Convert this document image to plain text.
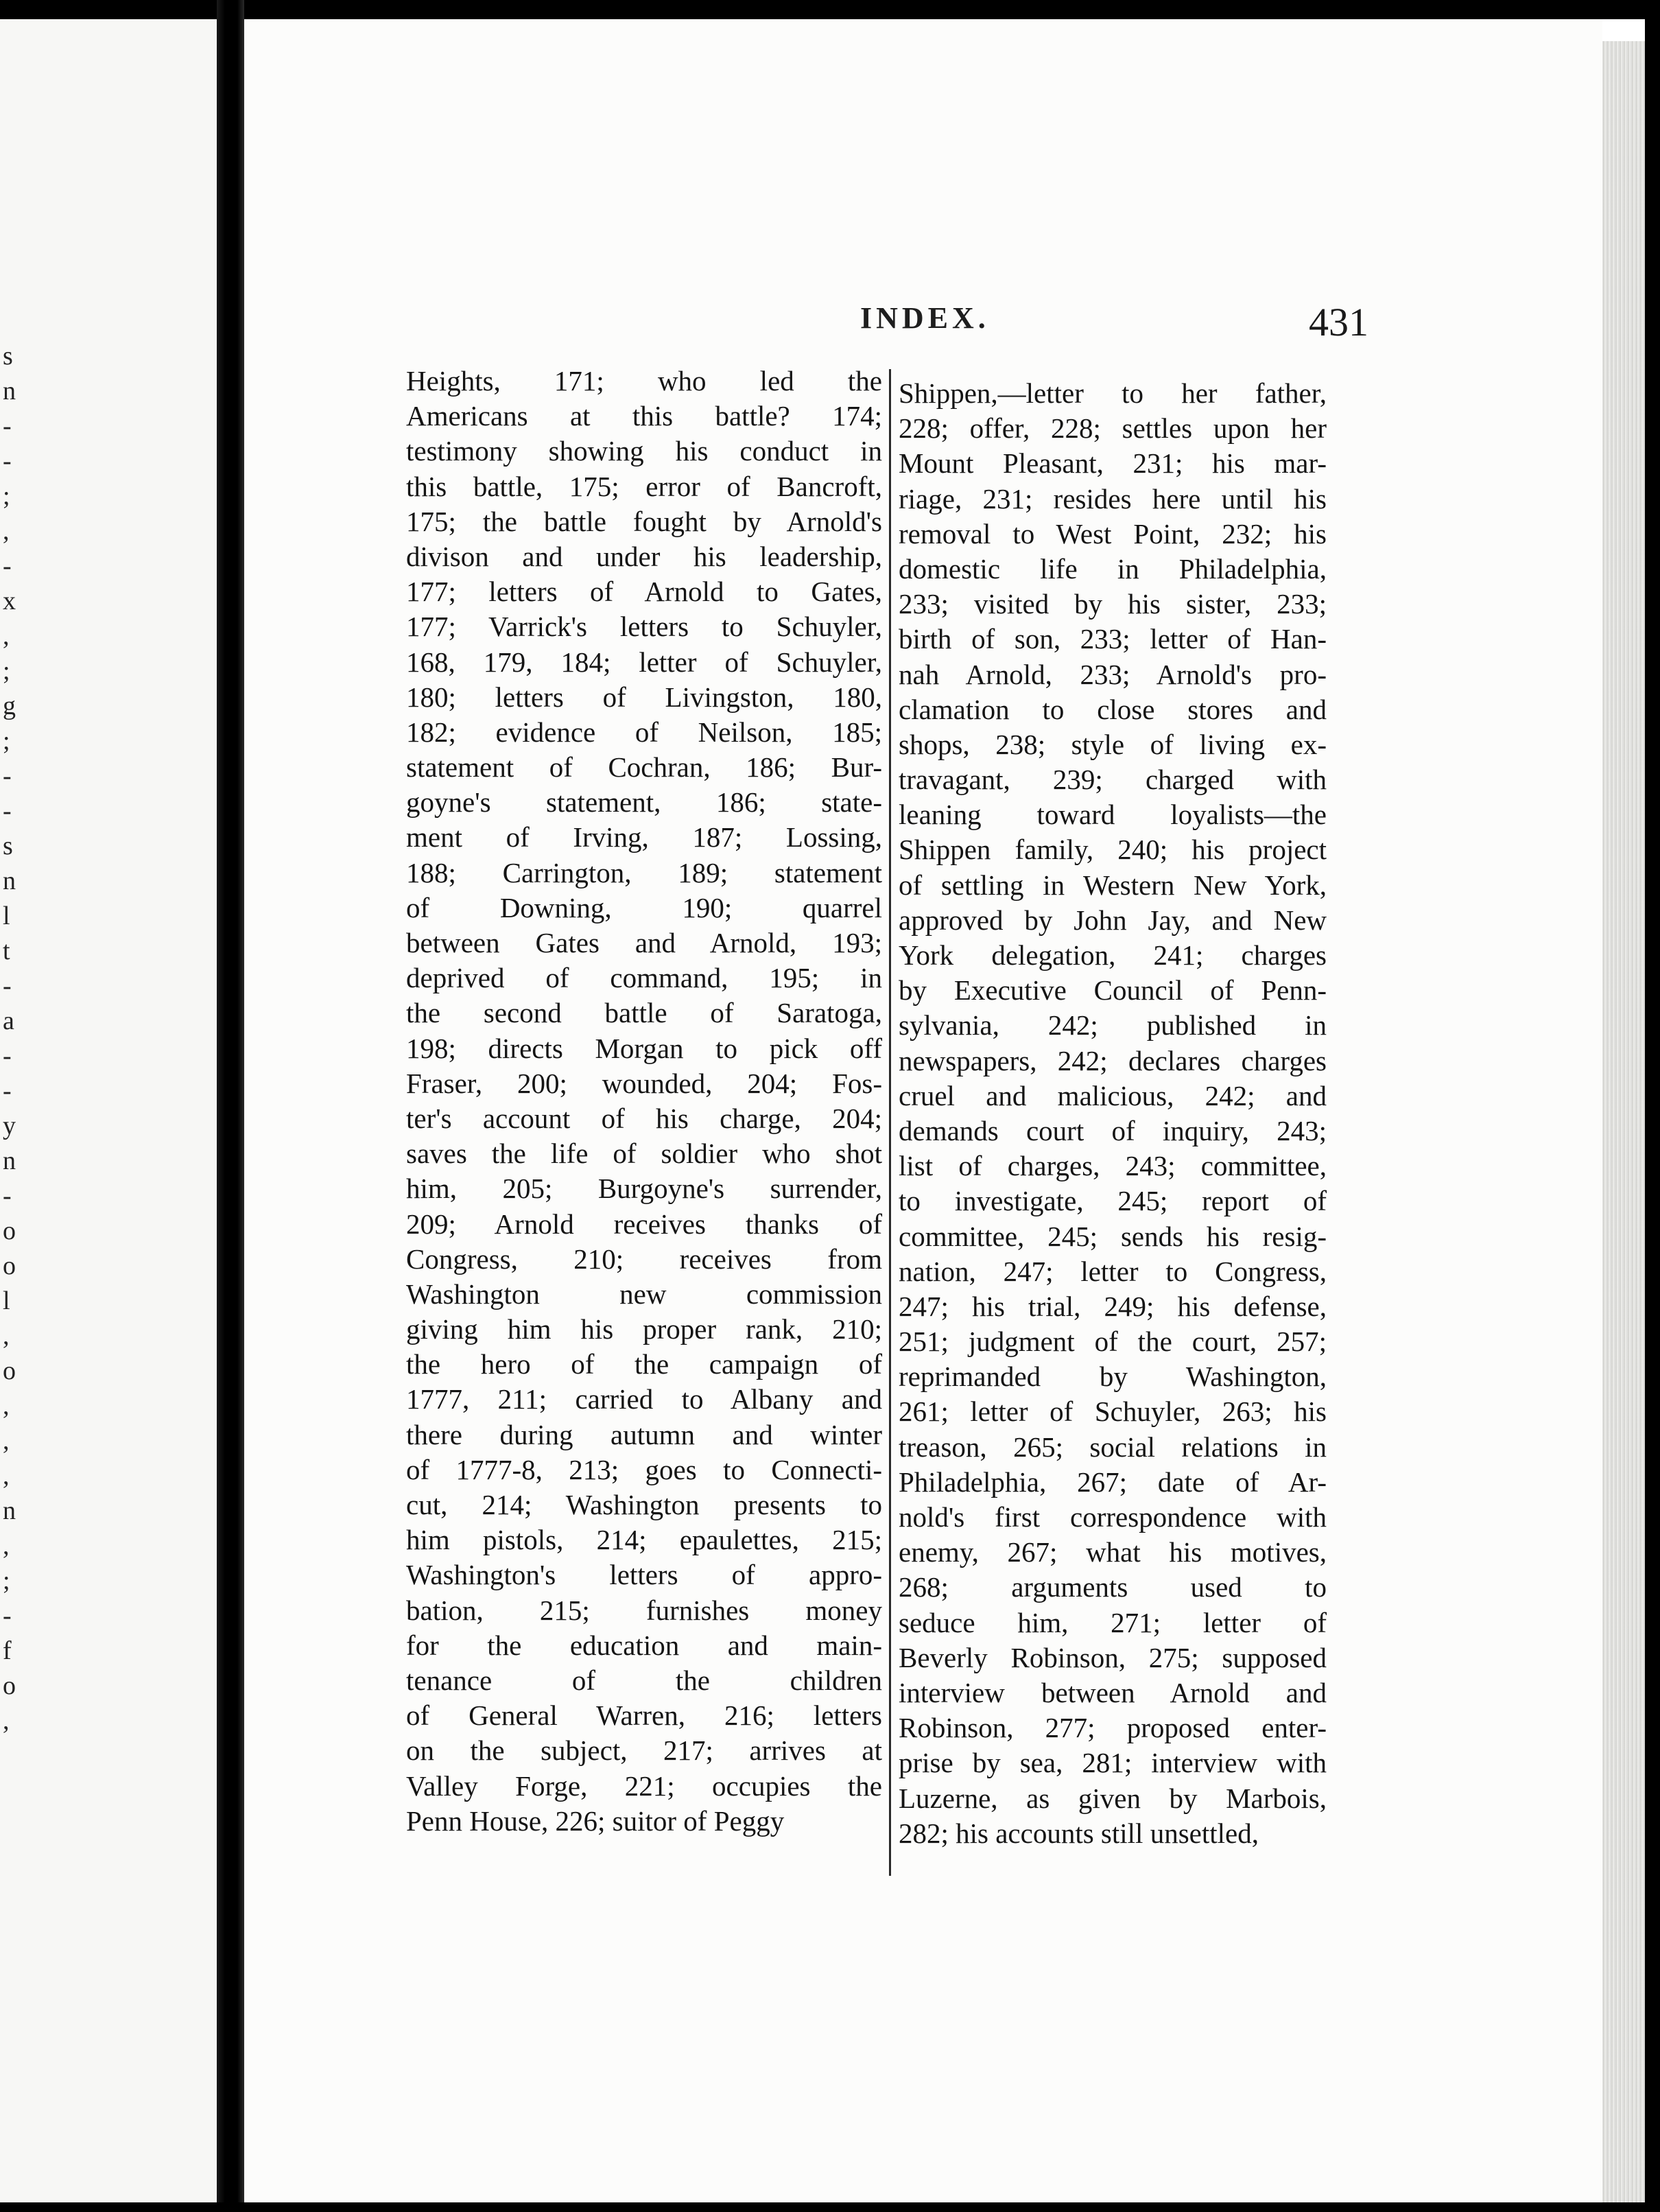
s
n
-
-
;
,
-
x
,
;
g
;
-
-
s
n
l
t
-
a
-
-
y
n
-
o
o
l
,
o
,
,
,
n
,
;
-
f
o
,
INDEX.	431
Heights, 171; who led the
Americans at this battle? 174;
testimony showing his conduct in
this battle, 175; error of Bancroft,
175; the battle fought by Arnold's
divison and under his leadership,
177; letters of Arnold to Gates,
177; Varrick's letters to Schuyler,
168, 179, 184; letter of Schuyler,
180; letters of Livingston, 180,
182; evidence of Neilson, 185;
statement of Cochran, 186; Bur-
goyne's statement, 186; state-
ment of Irving, 187; Lossing,
188; Carrington, 189; statement
of Downing, 190; quarrel
between Gates and Arnold, 193;
deprived of command, 195; in
the second battle of Saratoga,
198; directs Morgan to pick off
Fraser, 200; wounded, 204; Fos-
ter's account of his charge, 204;
saves the life of soldier who shot
him, 205; Burgoyne's surrender,
209; Arnold receives thanks of
Congress, 210; receives from
Washington new commission
giving him his proper rank, 210;
the hero of the campaign of
1777, 211; carried to Albany and
there during autumn and winter
of 1777-8, 213; goes to Connecti-
cut, 214; Washington presents to
him pistols, 214; epaulettes, 215;
Washington's letters of appro-
bation, 215; furnishes money
for the education and main-
tenance of the children
of General Warren, 216; letters
on the subject, 217; arrives at
Valley Forge, 221; occupies the
Penn House, 226; suitor of Peggy
Shippen,—letter to her father,
228; offer, 228; settles upon her
Mount Pleasant, 231; his mar-
riage, 231; resides here until his
removal to West Point, 232; his
domestic life in Philadelphia,
233; visited by his sister, 233;
birth of son, 233; letter of Han-
nah Arnold, 233; Arnold's pro-
clamation to close stores and
shops, 238; style of living ex-
travagant, 239; charged with
leaning toward loyalists—the
Shippen family, 240; his project
of settling in Western New York,
approved by John Jay, and New
York delegation, 241; charges
by Executive Council of Penn-
sylvania, 242; published in
newspapers, 242; declares charges
cruel and malicious, 242; and
demands court of inquiry, 243;
list of charges, 243; committee,
to investigate, 245; report of
committee, 245; sends his resig-
nation, 247; letter to Congress,
247; his trial, 249; his defense,
251; judgment of the court, 257;
reprimanded by Washington,
261; letter of Schuyler, 263; his
treason, 265; social relations in
Philadelphia, 267; date of Ar-
nold's first correspondence with
enemy, 267; what his motives,
268; arguments used to
seduce him, 271; letter of
Beverly Robinson, 275; supposed
interview between Arnold and
Robinson, 277; proposed enter-
prise by sea, 281; interview with
Luzerne, as given by Marbois,
282; his accounts still unsettled,
